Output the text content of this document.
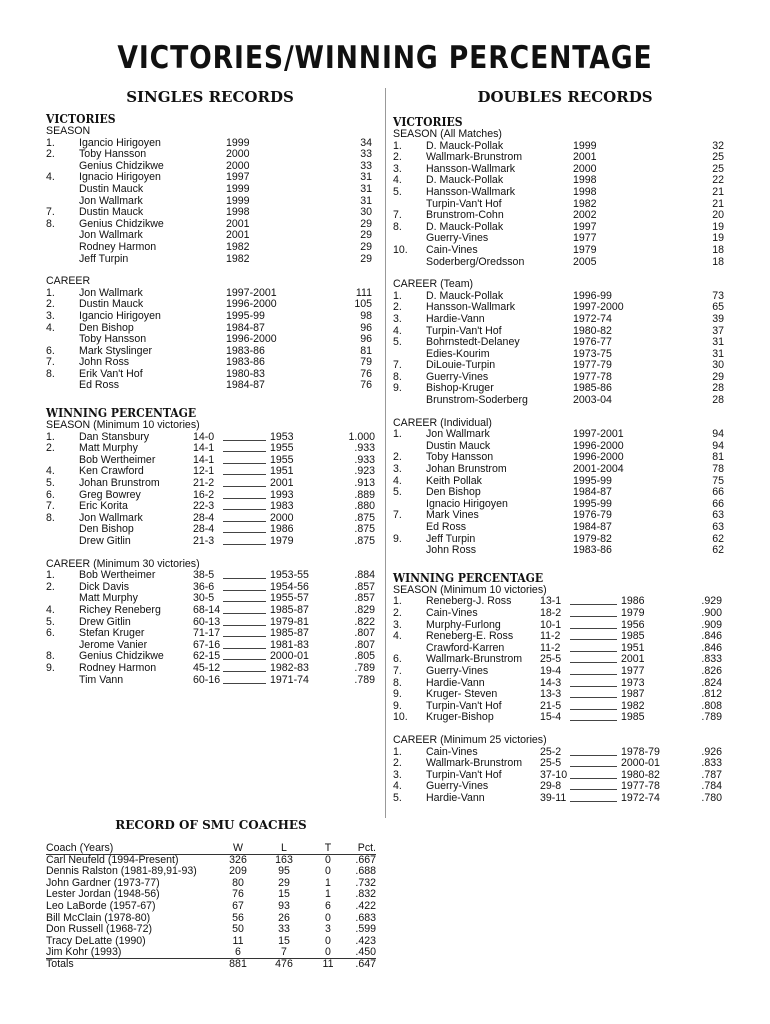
VICTORIES/WINNING PERCENTAGE
SINGLES RECORDS	DOUBLES RECORDS
VICTORIES
SEASON
1. Igancio Hirigoyen	1999	34
2. Toby Hansson	2000	33
Genius Chidzikwe	2000	33
4. Ignacio Hirigoyen	1997	31
Dustin Mauck	1999	31
Jon Wallmark	1999	31
7. Dustin Mauck	1998	30
8. Genius Chidzikwe	2001	29
Jon Wallmark	2001	29
Rodney Harmon	1982	29
Jeff Turpin	1982	29
CAREER
1. Jon Wallmark	1997-2001	111
2. Dustin Mauck	1996-2000	105
3. Igancio Hirigoyen	1995-99	98
4. Den Bishop	1984-87	96
Toby Hansson	1996-2000	96
6. Mark Styslinger	1983-86	81
7. John Ross	1983-86	79
8. Erik Van't Hof	1980-83	76
Ed Ross	1984-87	76
WINNING PERCENTAGE
SEASON (Minimum 10 victories)
1. Dan Stansbury	14-0	1953	1.000
2. Matt Murphy	14-1	1955	.933
Bob Wertheimer	14-1	1955	.933
4. Ken Crawford	12-1	1951	.923
5. Johan Brunstrom	21-2	2001	.913
6. Greg Bowrey	16-2	1993	.889
7. Eric Korita	22-3	1983	.880
8. Jon Wallmark	28-4	2000	.875
Den Bishop	28-4	1986	.875
Drew Gitlin	21-3	1979	.875
CAREER (Minimum 30 victories)
1. Bob Wertheimer	38-5	1953-55	.884
2. Dick Davis	36-6	1954-56	.857
Matt Murphy	30-5	1955-57	.857
4. Richey Reneberg	68-14	1985-87	.829
5. Drew Gitlin	60-13	1979-81	.822
6. Stefan Kruger	71-17	1985-87	.807
Jerome Vanier	67-16	1981-83	.807
8. Genius Chidzikwe	62-15	2000-01	.805
9. Rodney Harmon	45-12	1982-83	.789
Tim Vann	60-16	1971-74	.789
VICTORIES
SEASON (All Matches)
1. D. Mauck-Pollak	1999	32
2. Wallmark-Brunstrom	2001	25
3. Hansson-Wallmark	2000	25
4. D. Mauck-Pollak	1998	22
5. Hansson-Wallmark	1998	21
Turpin-Van't Hof	1982	21
7. Brunstrom-Cohn	2002	20
8. D. Mauck-Pollak	1997	19
Guerry-Vines	1977	19
10. Cain-Vines	1979	18
Soderberg/Oredsson	2005	18
CAREER (Team)
1. D. Mauck-Pollak	1996-99	73
2. Hansson-Wallmark	1997-2000	65
3. Hardie-Vann	1972-74	39
4. Turpin-Van't Hof	1980-82	37
5. Bohrnstedt-Delaney	1976-77	31
Edies-Kourim	1973-75	31
7. DiLouie-Turpin	1977-79	30
8. Guerry-Vines	1977-78	29
9. Bishop-Kruger	1985-86	28
Brunstrom-Soderberg	2003-04	28
CAREER (Individual)
1. Jon Wallmark	1997-2001	94
Dustin Mauck	1996-2000	94
2. Toby Hansson	1996-2000	81
3. Johan Brunstrom	2001-2004	78
4. Keith Pollak	1995-99	75
5. Den Bishop	1984-87	66
Ignacio Hirigoyen	1995-99	66
7. Mark Vines	1976-79	63
Ed Ross	1984-87	63
9. Jeff Turpin	1979-82	62
John Ross	1983-86	62
WINNING PERCENTAGE
SEASON (Minimum 10 victories)
1. Reneberg-J. Ross	13-1	1986	.929
2. Cain-Vines	18-2	1979	.900
3. Murphy-Furlong	10-1	1956	.909
4. Reneberg-E. Ross	11-2	1985	.846
Crawford-Karren	11-2	1951	.846
6. Wallmark-Brunstrom 25-5	2001	.833
7. Guerry-Vines	19-4	1977	.826
8. Hardie-Vann	14-3	1973	.824
9. Kruger- Steven	13-3	1987	.812
9. Turpin-Van't Hof	21-5	1982	.808
10. Kruger-Bishop	15-4	1985	.789
CAREER (Minimum 25 victories)
1. Cain-Vines	25-2	1978-79	.926
2. Wallmark-Brunstrom 25-5	2000-01	.833
3. Turpin-Van't Hof	37-10	1980-82	.787
4. Guerry-Vines	29-8	1977-78	.784
5. Hardie-Vann	39-11	1972-74	.780
RECORD OF SMU COACHES
Coach (Years)	W	L	T	Pct.
Carl Neufeld (1994-Present)	326	163	0	.667
Dennis Ralston (1981-89,91-93)	209	95	0	.688
John Gardner (1973-77)	80	29	1	.732
Lester Jordan (1948-56)	76	15	1	.832
Leo LaBorde (1957-67)	67	93	6	.422
Bill McClain (1978-80)	56	26	0	.683
Don Russell (1968-72)	50	33	3	.599
Tracy DeLatte (1990)	11	15	0	.423
Jim Kohr (1993)	6	7	0	.450
Totals	881	476	11	.647
